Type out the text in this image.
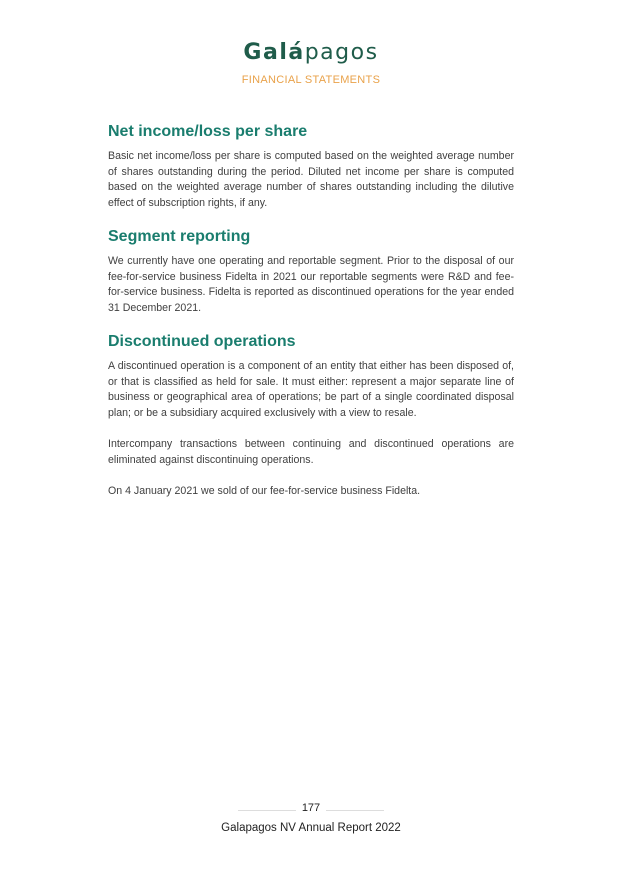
Galápagos
FINANCIAL STATEMENTS
Net income/loss per share

Basic net income/loss per share is computed based on the weighted average number of shares outstanding during the period. Diluted net income per share is computed based on the weighted average number of shares outstanding including the dilutive effect of subscription rights, if any.

Segment reporting

We currently have one operating and reportable segment. Prior to the disposal of our fee-for-service business Fidelta in 2021 our reportable segments were R&D and fee-for-service business. Fidelta is reported as discontinued operations for the year ended 31 December 2021.

Discontinued operations

A discontinued operation is a component of an entity that either has been disposed of, or that is classified as held for sale. It must either: represent a major separate line of business or geographical area of operations; be part of a single coordinated disposal plan; or be a subsidiary acquired exclusively with a view to resale.

Intercompany transactions between continuing and discontinued operations are eliminated against discontinuing operations.

On 4 January 2021 we sold of our fee-for-service business Fidelta.

177
Galapagos NV Annual Report 2022
